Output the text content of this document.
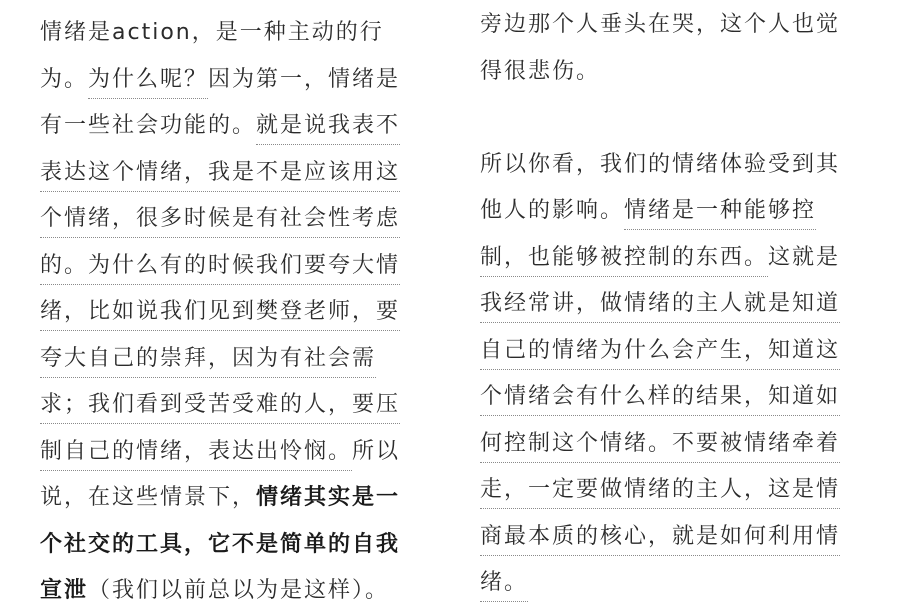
情绪是action，是一种主动的行
为。为什么呢？因为第一，情绪是
有一些社会功能的。就是说我表不
表达这个情绪，我是不是应该用这
个情绪，很多时候是有社会性考虑
的。为什么有的时候我们要夸大情
绪，比如说我们见到樊登老师，要
夸大自己的崇拜，因为有社会需
求；我们看到受苦受难的人，要压
制自己的情绪，表达出怜悯。所以
说，在这些情景下，情绪其实是一
个社交的工具，它不是简单的自我
宣泄（我们以前总以为是这样）。
旁边那个人垂头在哭，这个人也觉
得很悲伤。
所以你看，我们的情绪体验受到其
他人的影响。情绪是一种能够控
制，也能够被控制的东西。这就是
我经常讲，做情绪的主人就是知道
自己的情绪为什么会产生，知道这
个情绪会有什么样的结果，知道如
何控制这个情绪。不要被情绪牵着
走，一定要做情绪的主人，这是情
商最本质的核心，就是如何利用情
绪。
